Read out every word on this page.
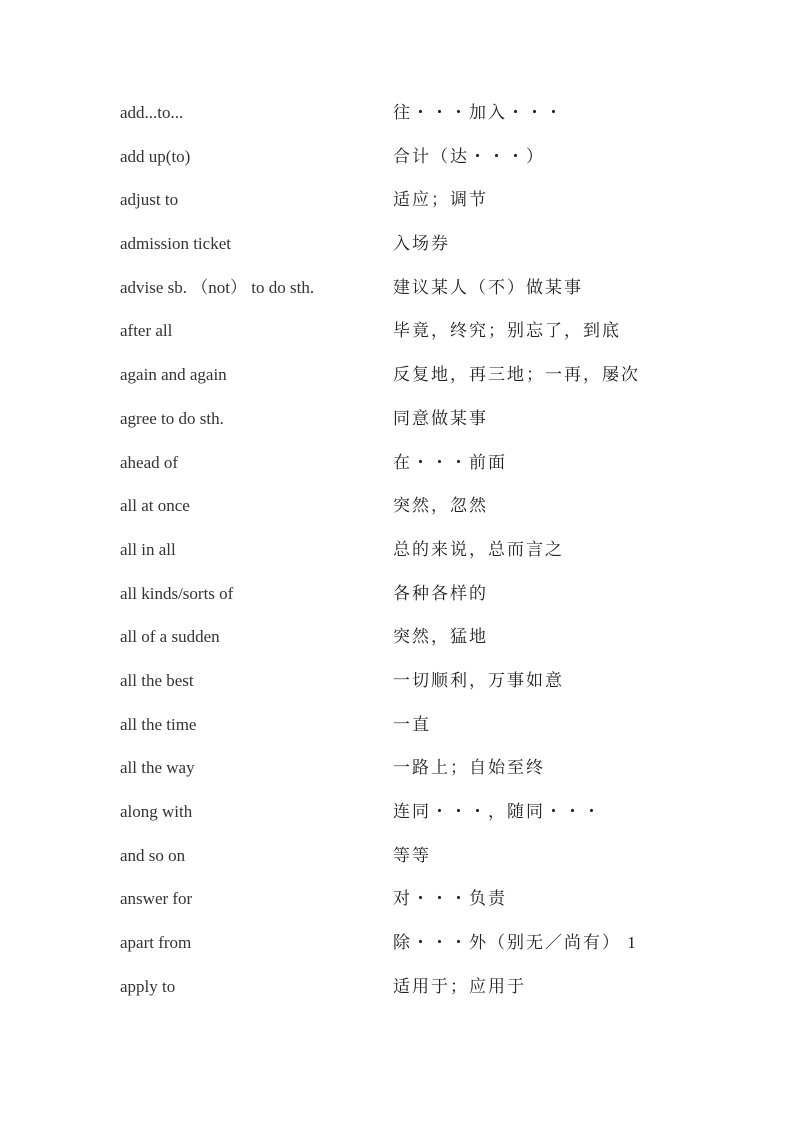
add...to...	往・・・加入・・・
add up(to)	合计（达・・・）
adjust to	适应；调节
admission ticket	入场券
advise sb. （not） to do sth.	建议某人（不）做某事
after all	毕竟，终究；别忘了，到底
again and again	反复地，再三地；一再，屡次
agree to do sth.	同意做某事
ahead of	在・・・前面
all at once	突然，忽然
all in all	总的来说，总而言之
all kinds/sorts of	各种各样的
all of a sudden	突然，猛地
all the best	一切顺利，万事如意
all the time	一直
all the way	一路上；自始至终
along with	连同・・・，随同・・・
and so on	等等
answer for	对・・・负责
apart from	除・・・外（别无／尚有） 1
apply to	适用于；应用于
